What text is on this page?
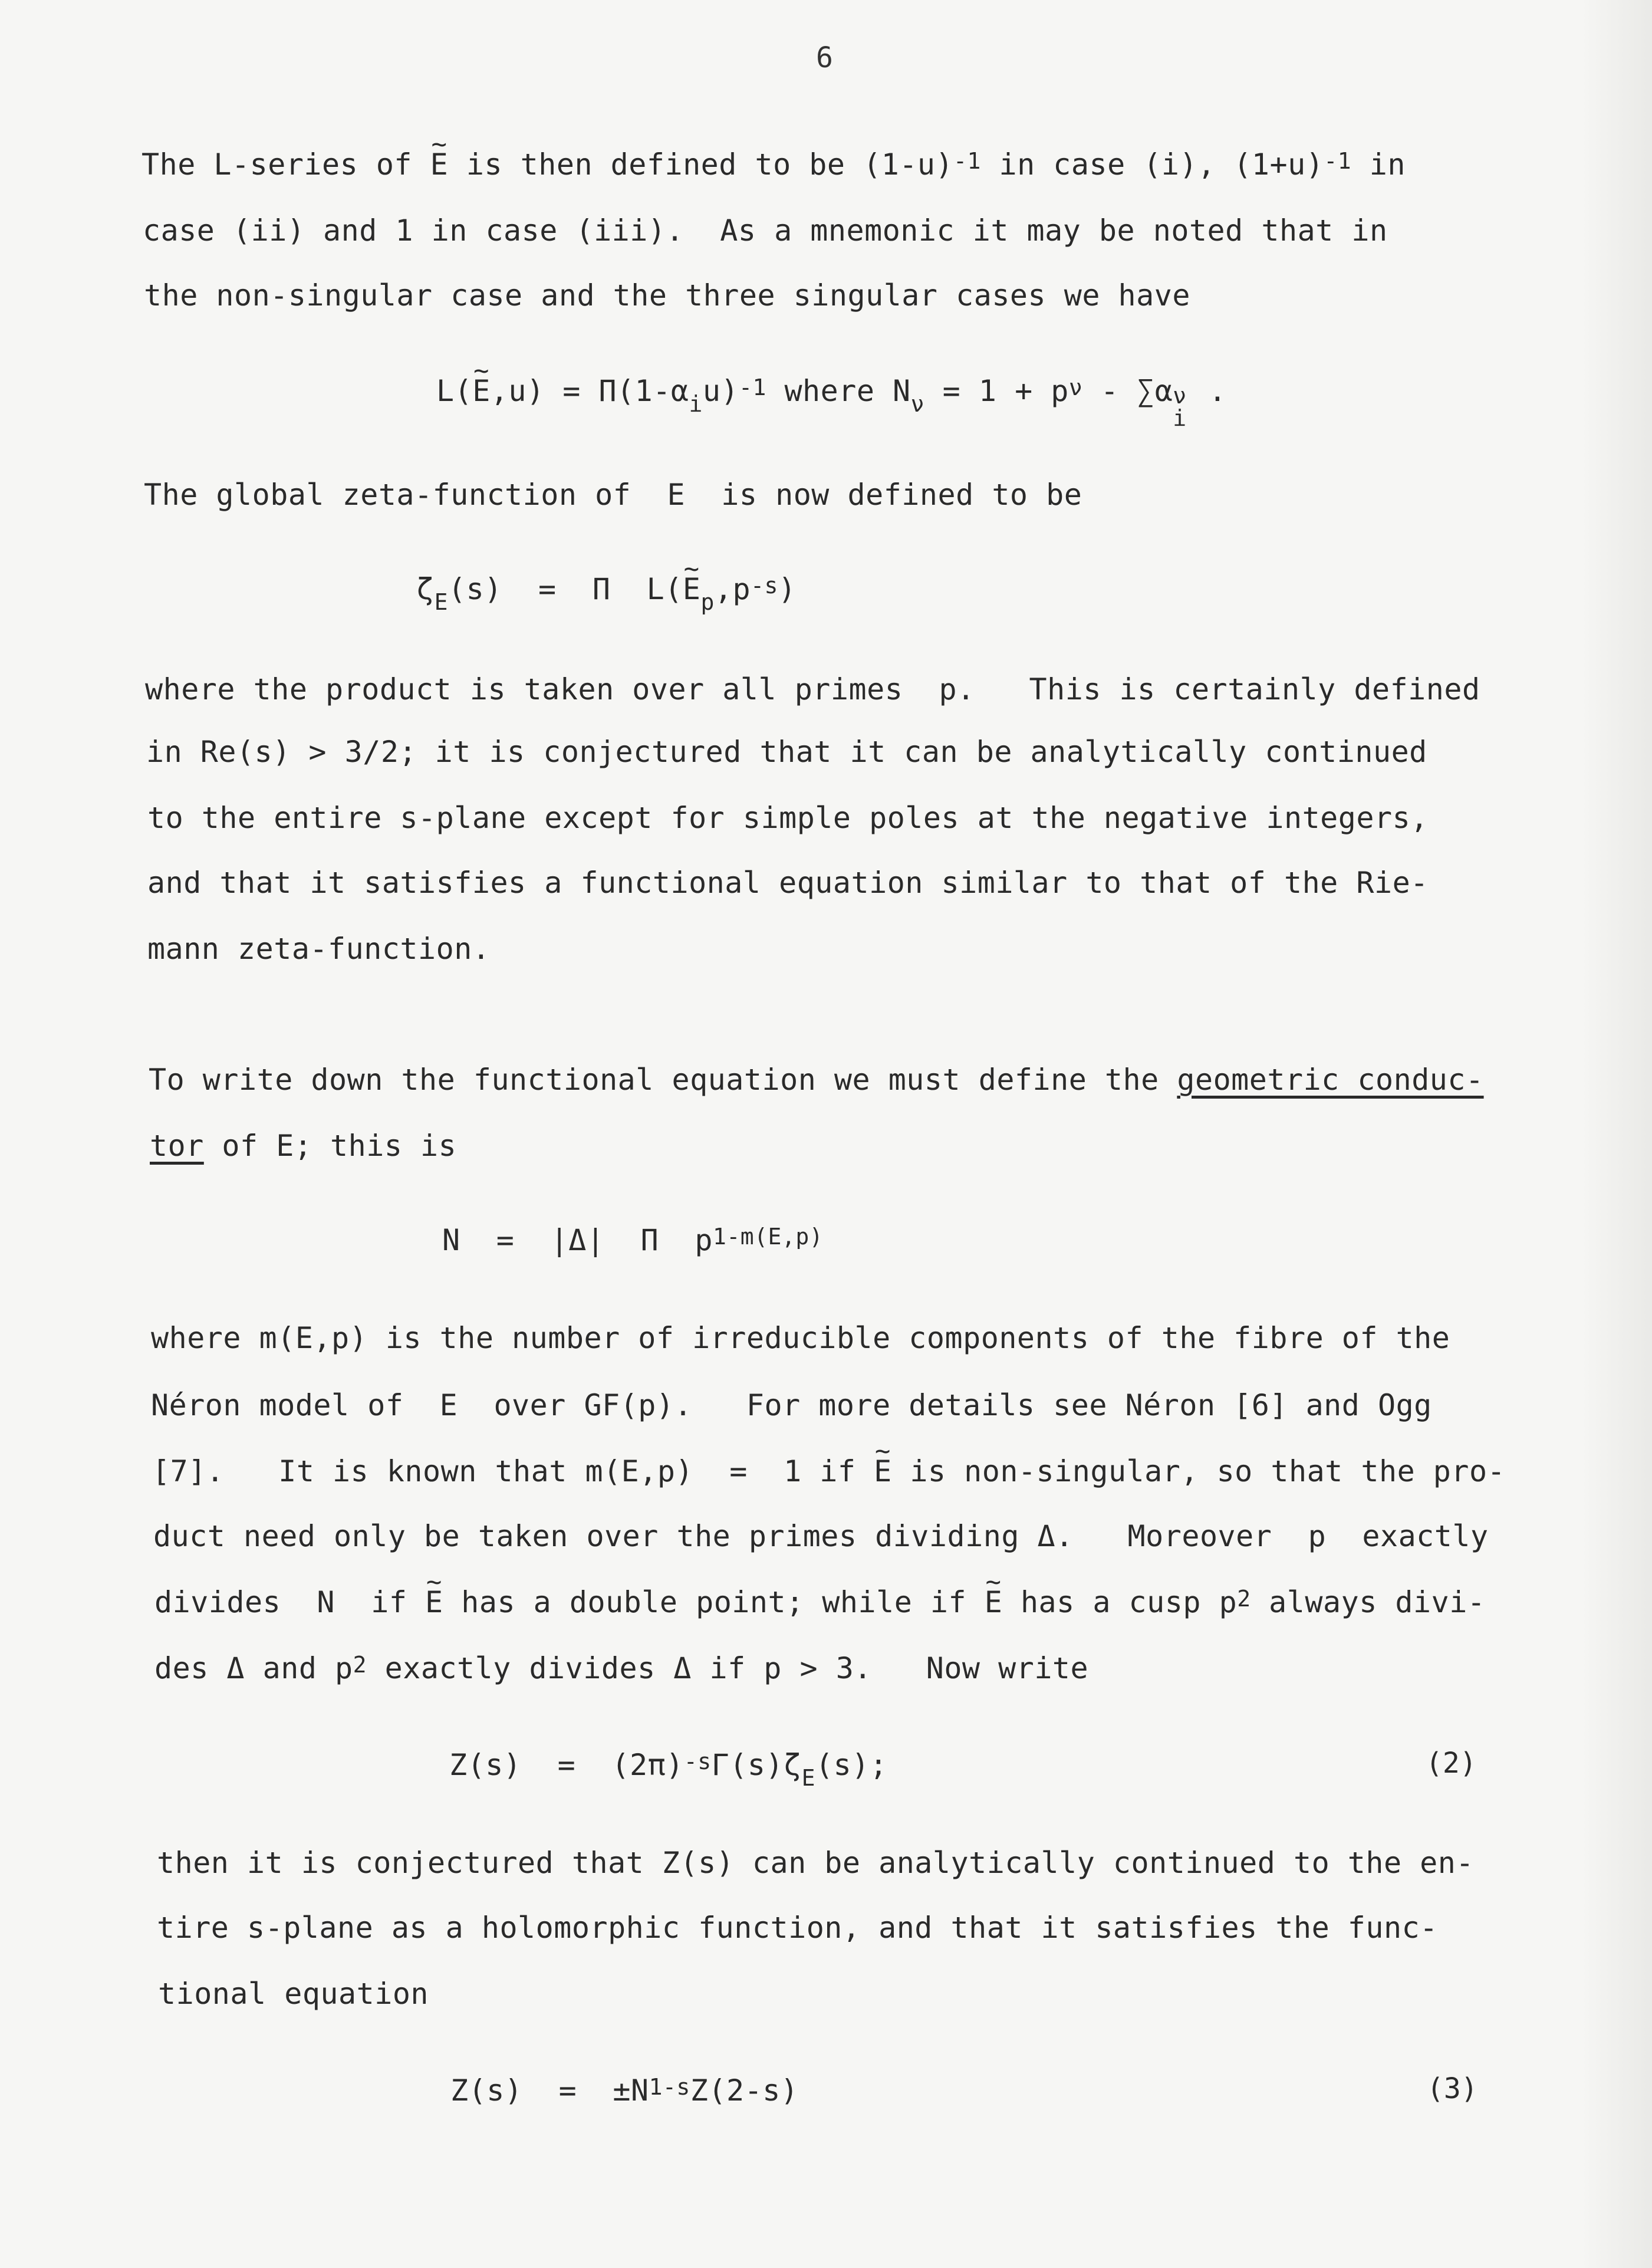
6
The L-series of ~ E is then defined to be $(1-u)^{-1}$ in case (i), $(1+u)^{-1}$ in
case (ii) and 1 in case (iii).  As a mnemonic it may be noted that in
the non-singular case and the three singular cases we have
L(~ $E,u) = \Pi(1-\alpha_iu)^{-1}$ where $N_\nu = 1 + p^\nu - \sum\alpha$ ν
i
.
The global zeta-function of  E  is now defined to be
$\zeta_E(s) = \Pi$  L(~ $E_p,p^{-s}$)
where the product is taken over all primes  p.   This is certainly defined
in Re(s) > 3/2; it is conjectured that it can be analytically continued
to the entire s-plane except for simple poles at the negative integers,
and that it satisfies a functional equation similar to that of the Rie-
mann zeta-function.
To write down the functional equation we must define the geometric conduc-
tor of E; this is
N  =  |Δ|  Π  $p^{1-m(E,p)}$
where m(E,p) is the number of irreducible components of the fibre of the
Néron model of  E  over GF(p).   For more details see Néron [6] and Ogg
[7].   It is known that m(E,p)  =  1 if ~ E is non-singular, so that the pro-
duct need only be taken over the primes dividing Δ.   Moreover  p  exactly
divides  N  if ~ E has a double point; while if ~ E has a cusp $p^2$ always divi-
des Δ and $p^2$ exactly divides Δ if p > 3.   Now write
$Z(s) = (2\pi)^{-s}\Gamma(s)\zeta_E(s)$;	(2)
then it is conjectured that Z(s) can be analytically continued to the en-
tire s-plane as a holomorphic function, and that it satisfies the func-
tional equation
$Z(s) = \pm N^{1-s}Z(2-s)$	(3)
